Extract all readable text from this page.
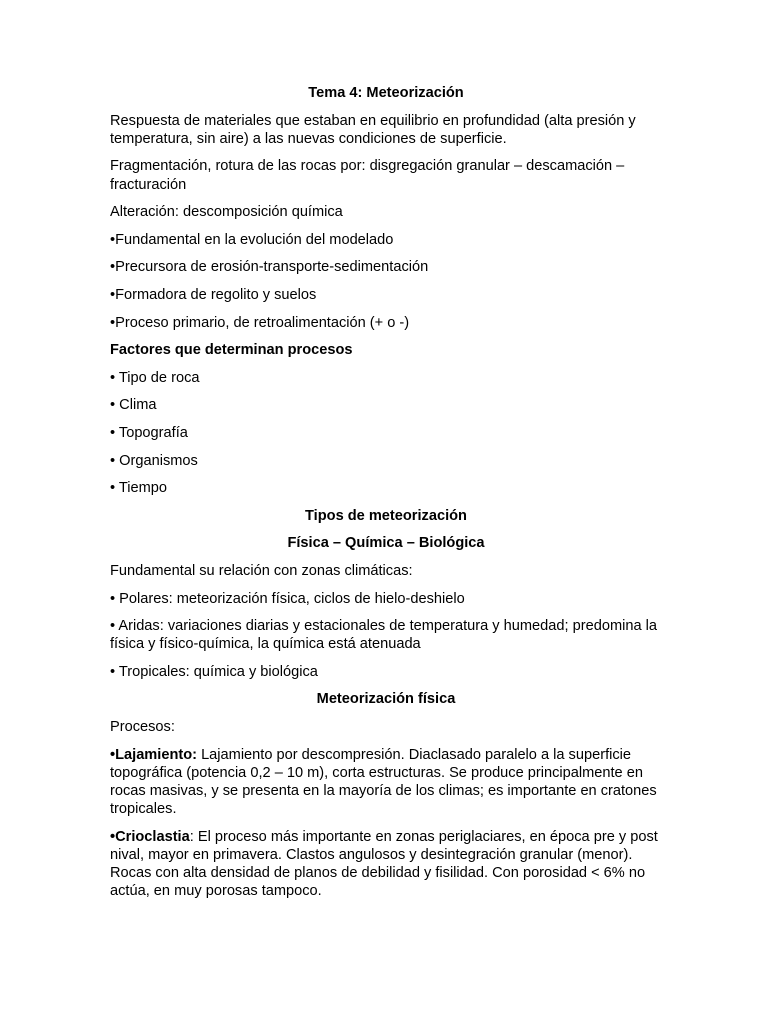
Tema 4: Meteorización

Respuesta de materiales que estaban en equilibrio en profundidad (alta presión y temperatura, sin aire) a las nuevas condiciones de superficie.

Fragmentación, rotura de las rocas por: disgregación granular – descamación – fracturación

Alteración: descomposición química

•Fundamental en la evolución del modelado

•Precursora de erosión-transporte-sedimentación

•Formadora de regolito y suelos

•Proceso primario, de retroalimentación (+ o -)

Factores que determinan procesos

• Tipo de roca

• Clima

• Topografía

• Organismos

• Tiempo

Tipos de meteorización

Física – Química – Biológica

Fundamental su relación con zonas climáticas:

• Polares: meteorización física, ciclos de hielo-deshielo

• Aridas: variaciones diarias y estacionales de temperatura y humedad; predomina la física y físico-química, la química está atenuada

• Tropicales: química y biológica

Meteorización física

Procesos:

•Lajamiento: Lajamiento por descompresión. Diaclasado paralelo a la superficie topográfica (potencia 0,2 – 10 m), corta estructuras. Se produce principalmente en rocas masivas, y se presenta en la mayoría de los climas; es importante en cratones tropicales.

•Crioclastia: El proceso más importante en zonas periglaciares, en época pre y post nival, mayor en primavera. Clastos angulosos y desintegración granular (menor). Rocas con alta densidad de planos de debilidad y fisilidad. Con porosidad < 6% no actúa, en muy porosas tampoco.
